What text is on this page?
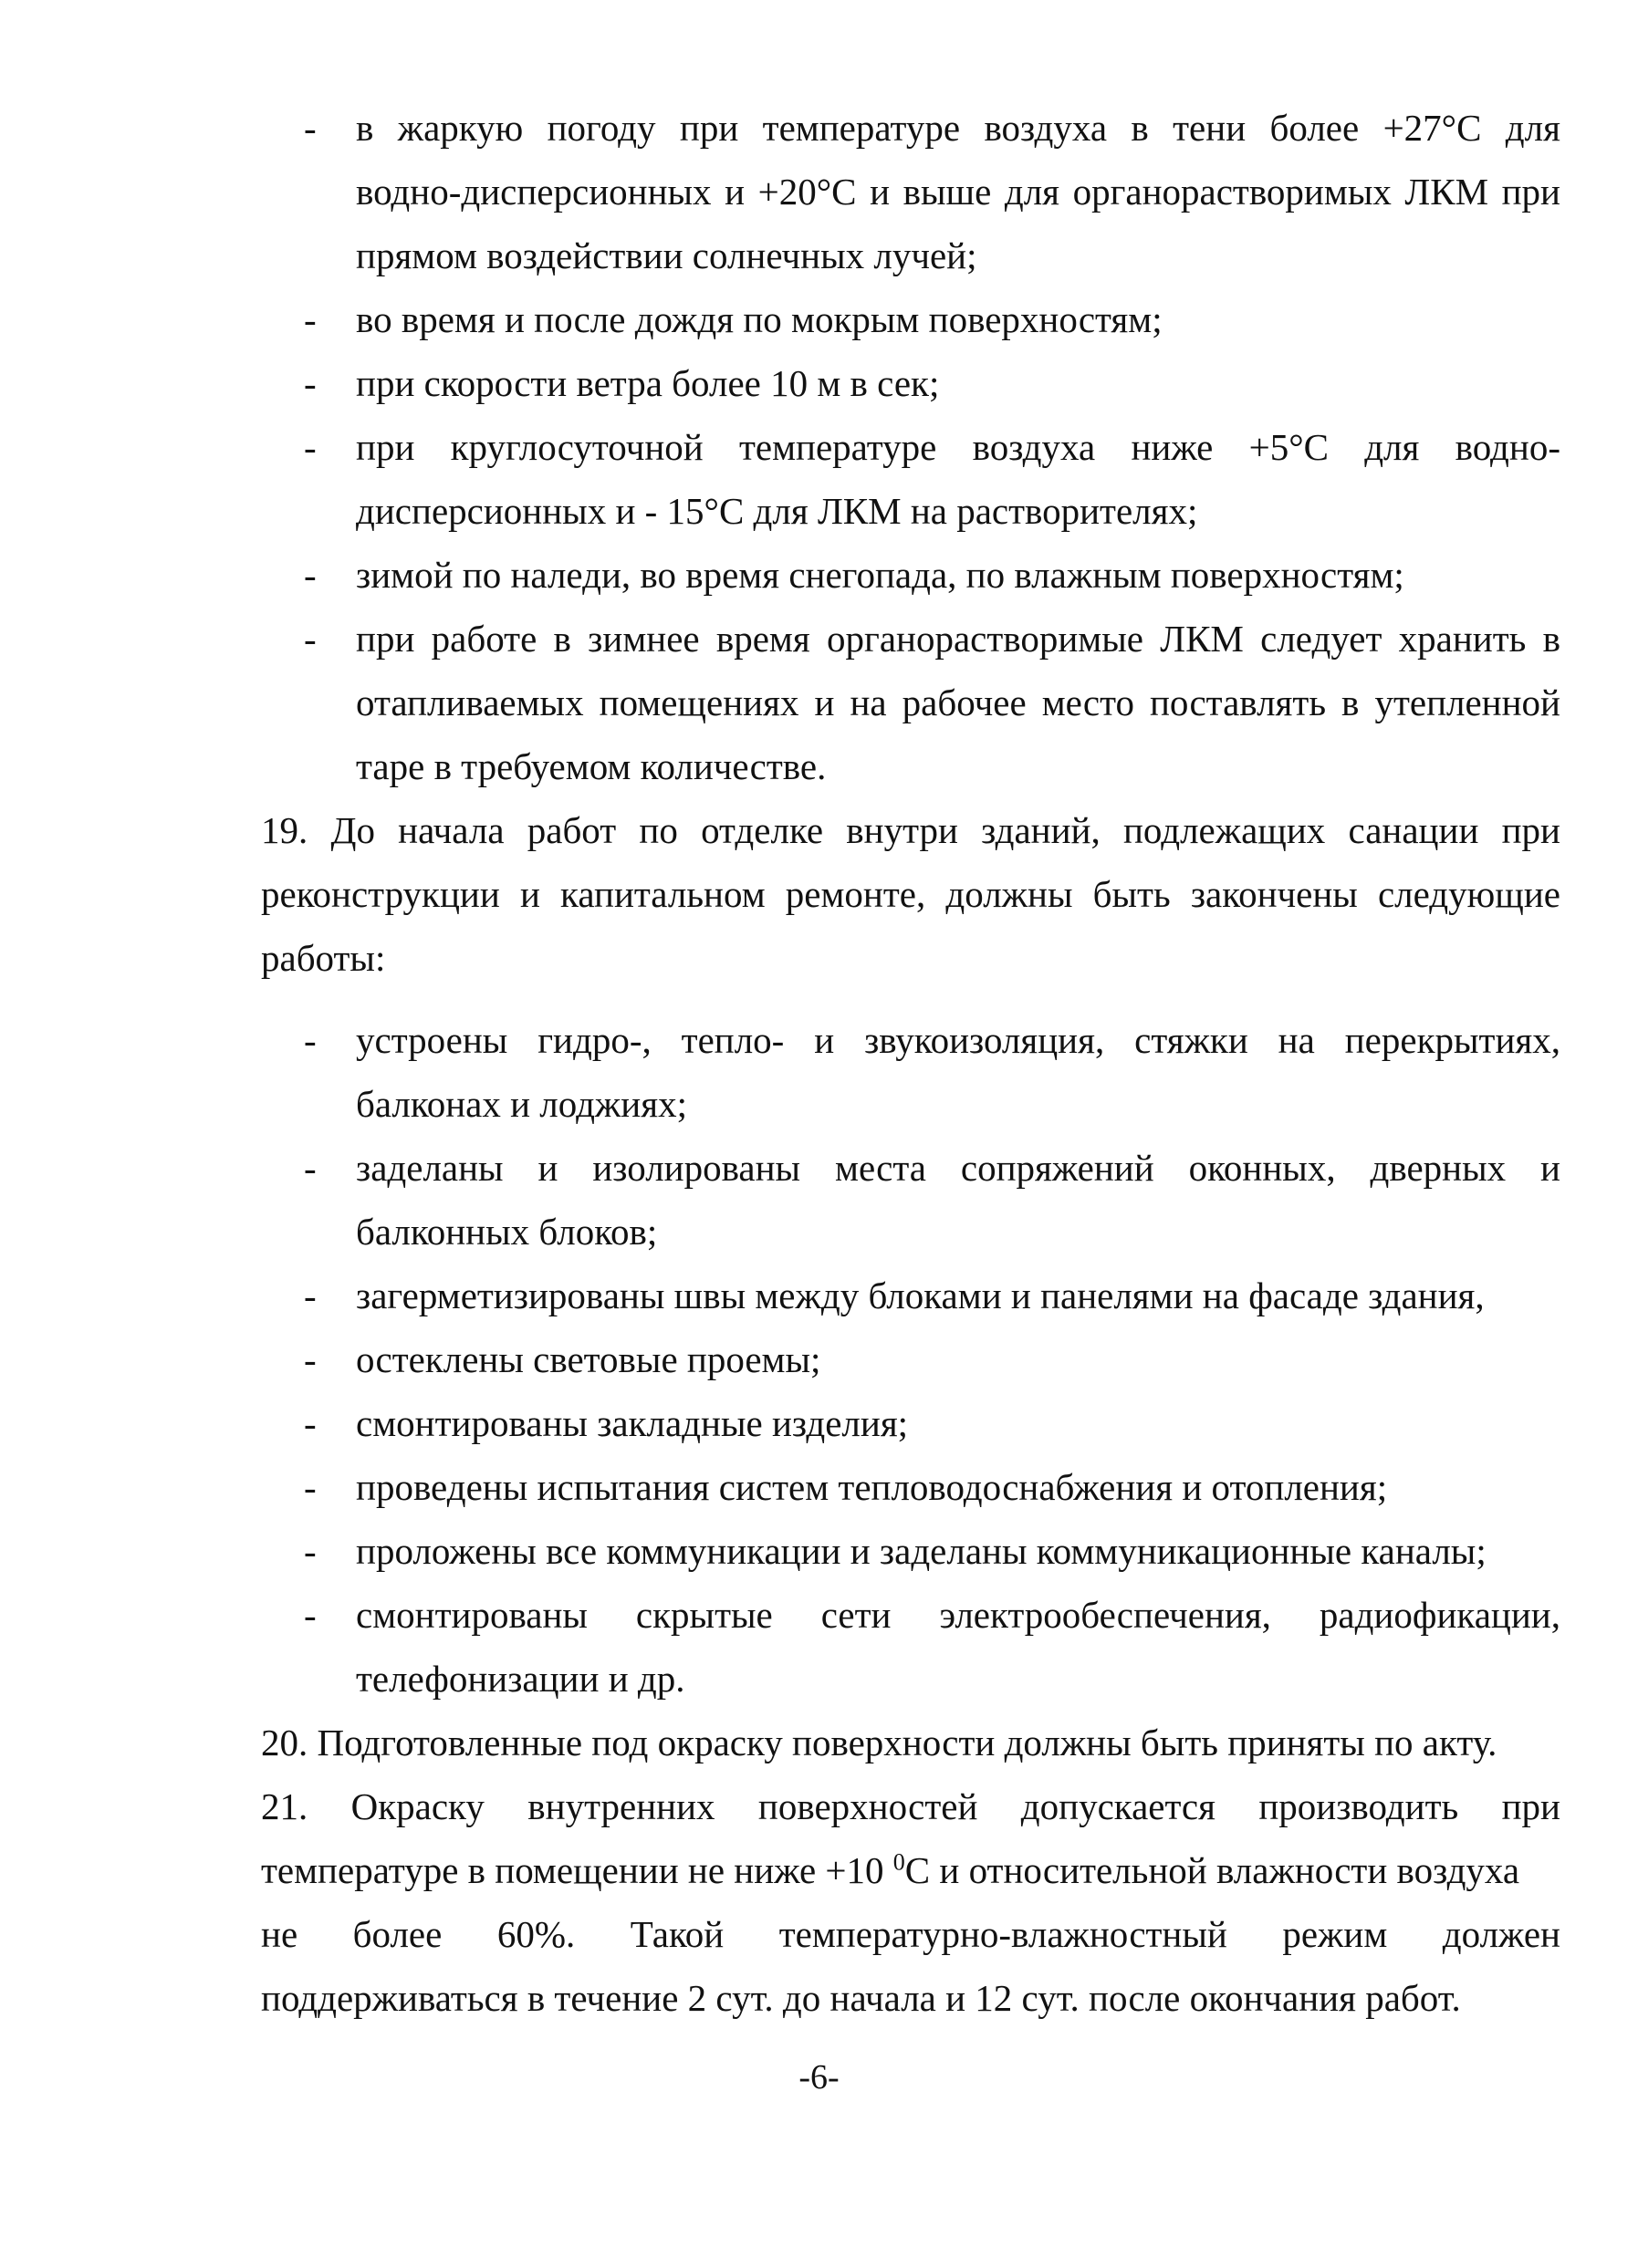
- в жаркую погоду при температуре воздуха в тени более +27°С для
водно-дисперсионных и +20°С и выше для органорастворимых ЛКМ при
прямом воздействии солнечных лучей;
- во время и после дождя по мокрым поверхностям;
- при скорости ветра более 10 м в сек;
- при круглосуточной температуре воздуха ниже +5°С для водно-
дисперсионных и - 15°С для ЛКМ на растворителях;
- зимой по наледи, во время снегопада, по влажным поверхностям;
- при работе в зимнее время органорастворимые ЛКМ следует хранить в
отапливаемых помещениях и на рабочее место поставлять в утепленной
таре в требуемом количестве.
19. До начала работ по отделке внутри зданий, подлежащих санации при
реконструкции и капитальном ремонте, должны быть закончены следующие
работы:
- устроены гидро-, тепло- и звукоизоляция, стяжки на перекрытиях,
балконах и лоджиях;
- заделаны и изолированы места сопряжений оконных, дверных и
балконных блоков;
- загерметизированы швы между блоками и панелями на фасаде здания,
- остеклены световые проемы;
- смонтированы закладные изделия;
- проведены испытания систем тепловодоснабжения и отопления;
- проложены все коммуникации и заделаны коммуникационные каналы;
- смонтированы скрытые сети электрообеспечения, радиофикации,
телефонизации и др.
20. Подготовленные под окраску поверхности должны быть приняты по акту.
21. Окраску внутренних поверхностей допускается производить при
температуре в помещении не ниже +10 $^0$С и относительной влажности воздуха
не более 60%. Такой температурно-влажностный режим должен
поддерживаться в течение 2 сут. до начала и 12 сут. после окончания работ.
-6-
